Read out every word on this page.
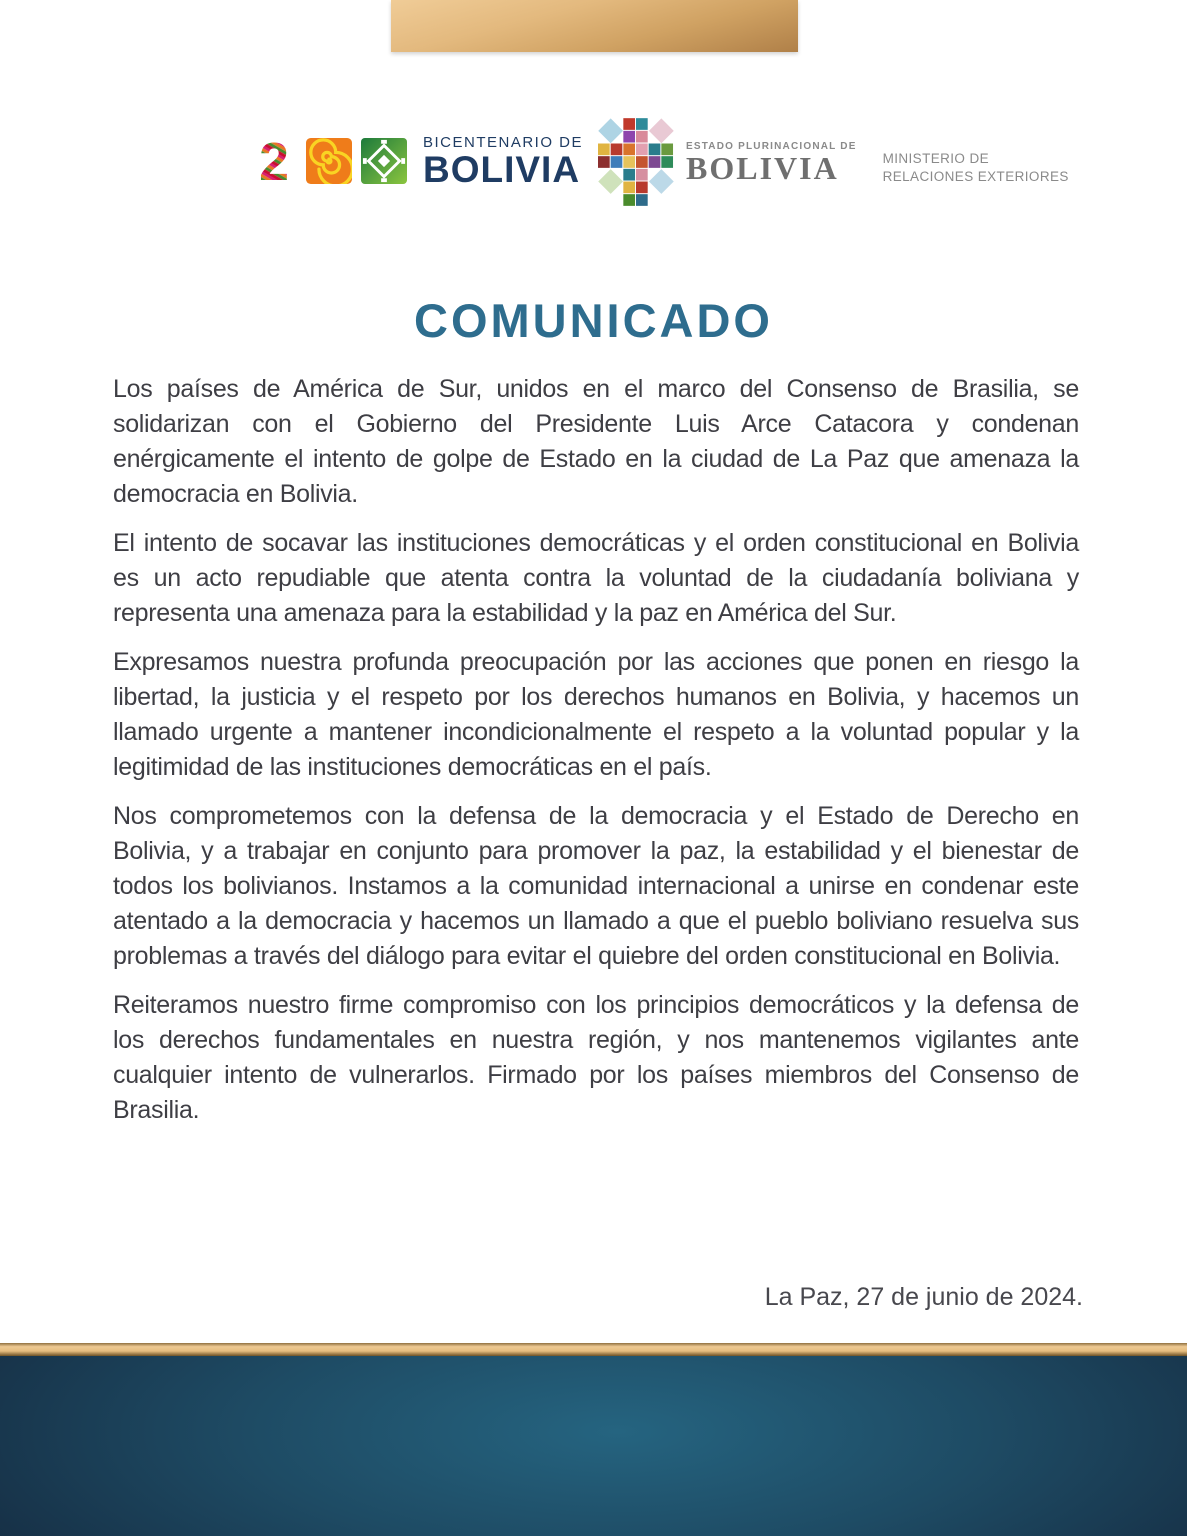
2	BICENTENARIO DE
BOLIVIA
ESTADO PLURINACIONAL DE
BOLIVIA	MINISTERIO DE
RELACIONES EXTERIORES
COMUNICADO

Los países de América de Sur, unidos en el marco del Consenso de Brasilia, se solidarizan con el Gobierno del Presidente Luis Arce Catacora y condenan enérgicamente el intento de golpe de Estado en la ciudad de La Paz que amenaza la democracia en Bolivia.

El intento de socavar las instituciones democráticas y el orden constitucional en Bolivia es un acto repudiable que atenta contra la voluntad de la ciudadanía boliviana y representa una amenaza para la estabilidad y la paz en América del Sur.

Expresamos nuestra profunda preocupación por las acciones que ponen en riesgo la libertad, la justicia y el respeto por los derechos humanos en Bolivia, y hacemos un llamado urgente a mantener incondicionalmente el respeto a la voluntad popular y la legitimidad de las instituciones democráticas en el país.

Nos comprometemos con la defensa de la democracia y el Estado de Derecho en Bolivia, y a trabajar en conjunto para promover la paz, la estabilidad y el bienestar de todos los bolivianos. Instamos a la comunidad internacional a unirse en condenar este atentado a la democracia y hacemos un llamado a que el pueblo boliviano resuelva sus problemas a través del diálogo para evitar el quiebre del orden constitucional en Bolivia.

Reiteramos nuestro firme compromiso con los principios democráticos y la defensa de los derechos fundamentales en nuestra región, y nos mantenemos vigilantes ante cualquier intento de vulnerarlos. Firmado por los países miembros del Consenso de Brasilia.

La Paz, 27 de junio de 2024.
